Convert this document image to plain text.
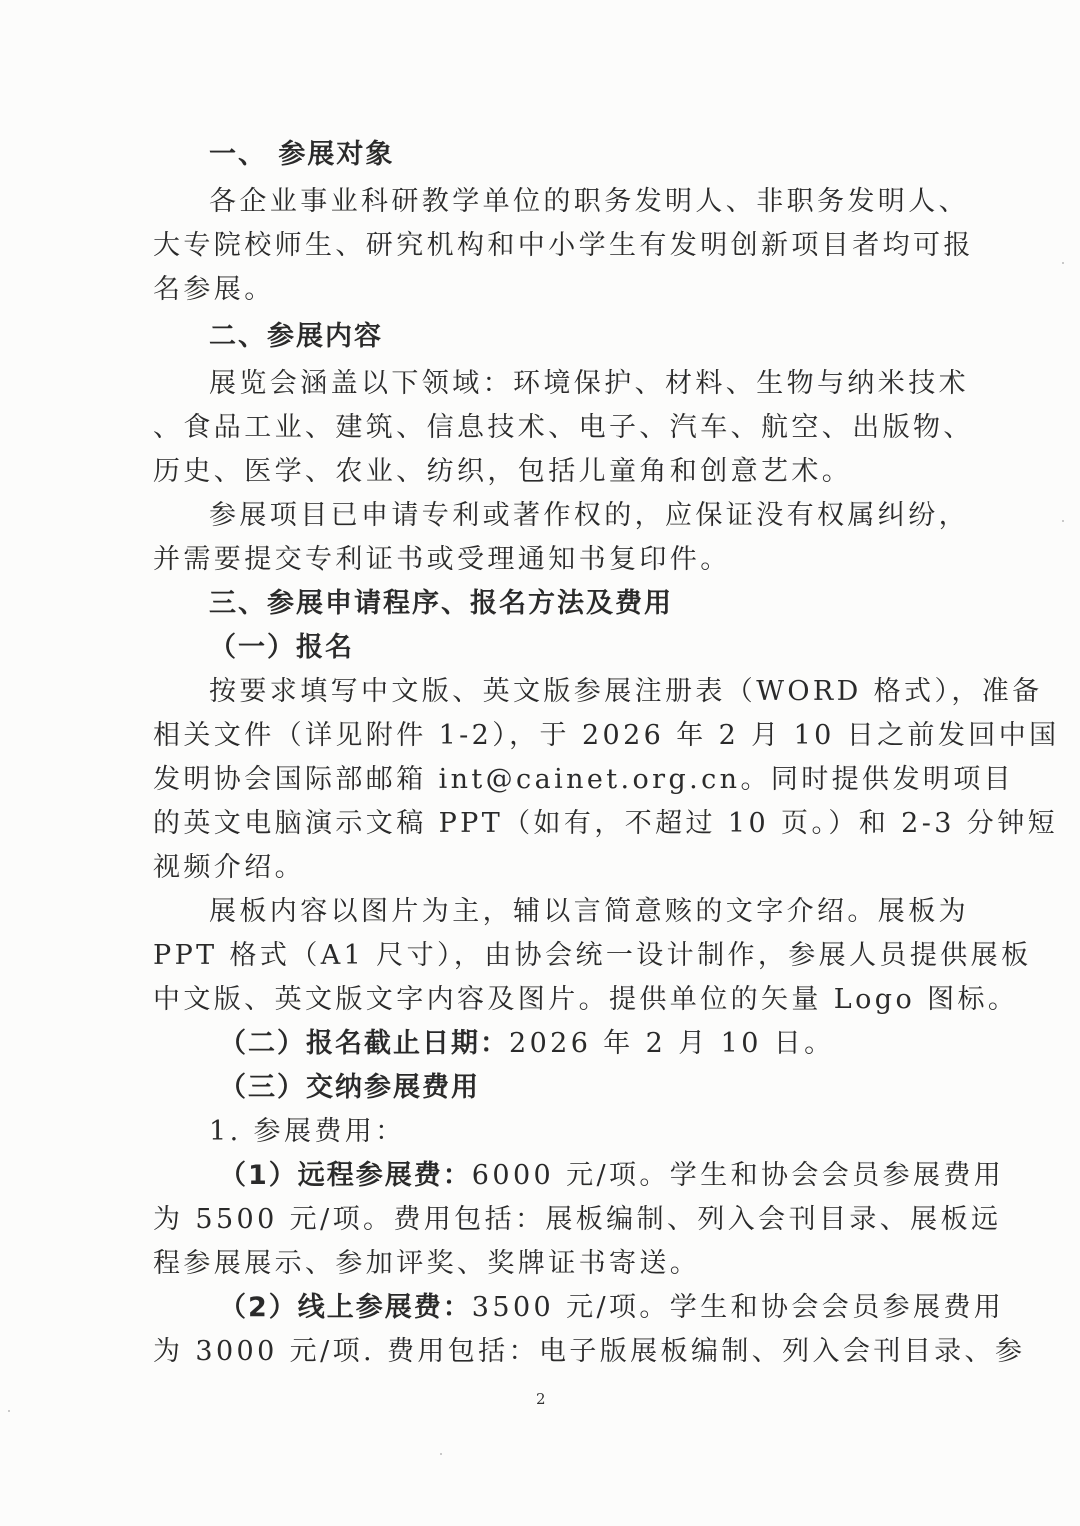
一、 参展对象
各企业事业科研教学单位的职务发明人、非职务发明人、
大专院校师生、研究机构和中小学生有发明创新项目者均可报
名参展。
二、参展内容
展览会涵盖以下领域：环境保护、材料、生物与纳米技术
、食品工业、建筑、信息技术、电子、汽车、航空、出版物、
历史、医学、农业、纺织，包括儿童角和创意艺术。
参展项目已申请专利或著作权的，应保证没有权属纠纷，
并需要提交专利证书或受理通知书复印件。
三、参展申请程序、报名方法及费用
（一）报名
按要求填写中文版、英文版参展注册表（WORD 格式），准备
相关文件（详见附件 1-2），于 2026 年 2 月 10 日之前发回中国
发明协会国际部邮箱 int@cainet.org.cn。同时提供发明项目
的英文电脑演示文稿 PPT（如有，不超过 10 页。）和 2-3 分钟短
视频介绍。
展板内容以图片为主，辅以言简意赅的文字介绍。展板为
PPT 格式（A1 尺寸），由协会统一设计制作，参展人员提供展板
中文版、英文版文字内容及图片。提供单位的矢量 Logo 图标。
（二）报名截止日期：2026 年 2 月 10 日。
（三）交纳参展费用
1. 参展费用：
（1）远程参展费：6000 元/项。学生和协会会员参展费用
为 5500 元/项。费用包括：展板编制、列入会刊目录、展板远
程参展展示、参加评奖、奖牌证书寄送。
（2）线上参展费：3500 元/项。学生和协会会员参展费用
为 3000 元/项. 费用包括：电子版展板编制、列入会刊目录、参
2
